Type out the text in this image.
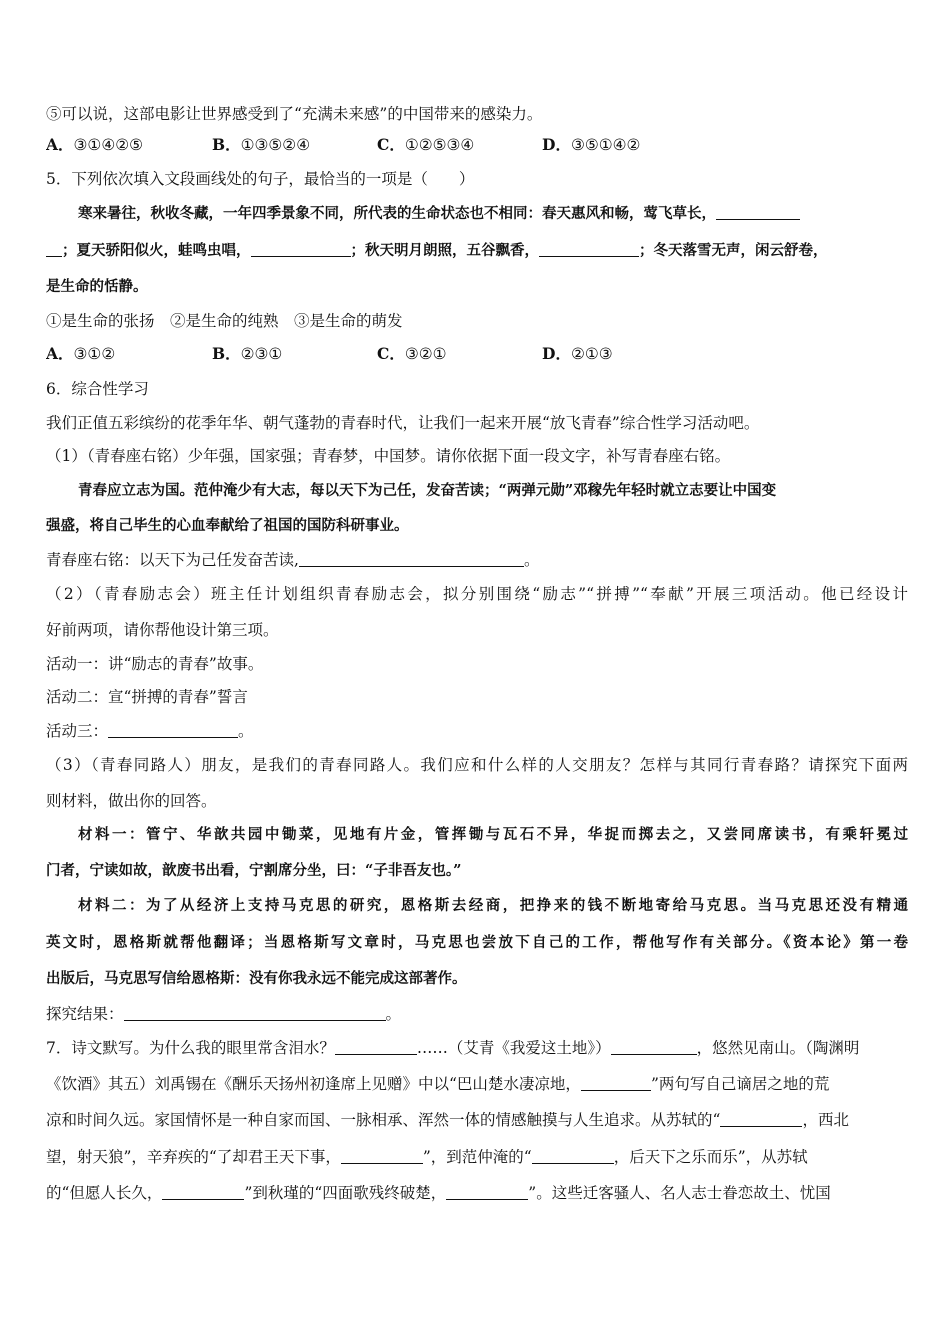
⑤可以说，这部电影让世界感受到了“充满未来感”的中国带来的感染力。
A．③①④②⑤	B．①③⑤②④	C．①②⑤③④	D．③⑤①④②
5．下列依次填入文段画线处的句子，最恰当的一项是（　　）
寒来暑往，秋收冬藏，一年四季景象不同，所代表的生命状态也不相同：春天惠风和畅，莺飞草长，
；夏天骄阳似火，蛙鸣虫唱，	；秋天明月朗照，五谷飘香，	；冬天落雪无声，闲云舒卷，
是生命的恬静。
①是生命的张扬　②是生命的纯熟　③是生命的萌发
A．③①②	B．②③①	C．③②①	D．②①③
6．综合性学习
我们正值五彩缤纷的花季年华、朝气蓬勃的青春时代，让我们一起来开展“放飞青春”综合性学习活动吧。
（1）（青春座右铭）少年强，国家强；青春梦，中国梦。请你依据下面一段文字，补写青春座右铭。
青春应立志为国。范仲淹少有大志，每以天下为己任，发奋苦读；“两弹元勋”邓稼先年轻时就立志要让中国变
强盛，将自己毕生的心血奉献给了祖国的国防科研事业。
青春座右铭：以天下为己任发奋苦读,	。
（2）（青春励志会）班主任计划组织青春励志会，拟分别围绕“励志”“拼搏”“奉献”开展三项活动。他已经设计
好前两项，请你帮他设计第三项。
活动一：讲“励志的青春”故事。
活动二：宣“拼搏的青春”誓言
活动三：	。
（3）（青春同路人）朋友，是我们的青春同路人。我们应和什么样的人交朋友？怎样与其同行青春路？请探究下面两
则材料，做出你的回答。
材料一：管宁、华歆共园中锄菜，见地有片金，管挥锄与瓦石不异，华捉而掷去之，又尝同席读书，有乘轩冕过
门者，宁读如故，歆废书出看，宁割席分坐，曰：“子非吾友也。”
材料二：为了从经济上支持马克思的研究，恩格斯去经商，把挣来的钱不断地寄给马克思。当马克思还没有精通
英文时，恩格斯就帮他翻译；当恩格斯写文章时，马克思也尝放下自己的工作，帮他写作有关部分。《资本论》第一卷
出版后，马克思写信给恩格斯：没有你我永远不能完成这部著作。
探究结果：	。
7．诗文默写。为什么我的眼里常含泪水？	……（艾青《我爱这土地》）	，悠然见南山。（陶渊明
《饮酒》其五）刘禹锡在《酬乐天扬州初逢席上见赠》中以“巴山楚水凄凉地，	”两句写自己谪居之地的荒
凉和时间久远。家国情怀是一种自家而国、一脉相承、浑然一体的情感触摸与人生追求。从苏轼的“	，西北
望，射天狼”，辛弃疾的“了却君王天下事，	”，到范仲淹的“	，后天下之乐而乐”，从苏轼
的“但愿人长久，	”到秋瑾的“四面歌残终破楚，	”。这些迁客骚人、名人志士眷恋故土、忧国
